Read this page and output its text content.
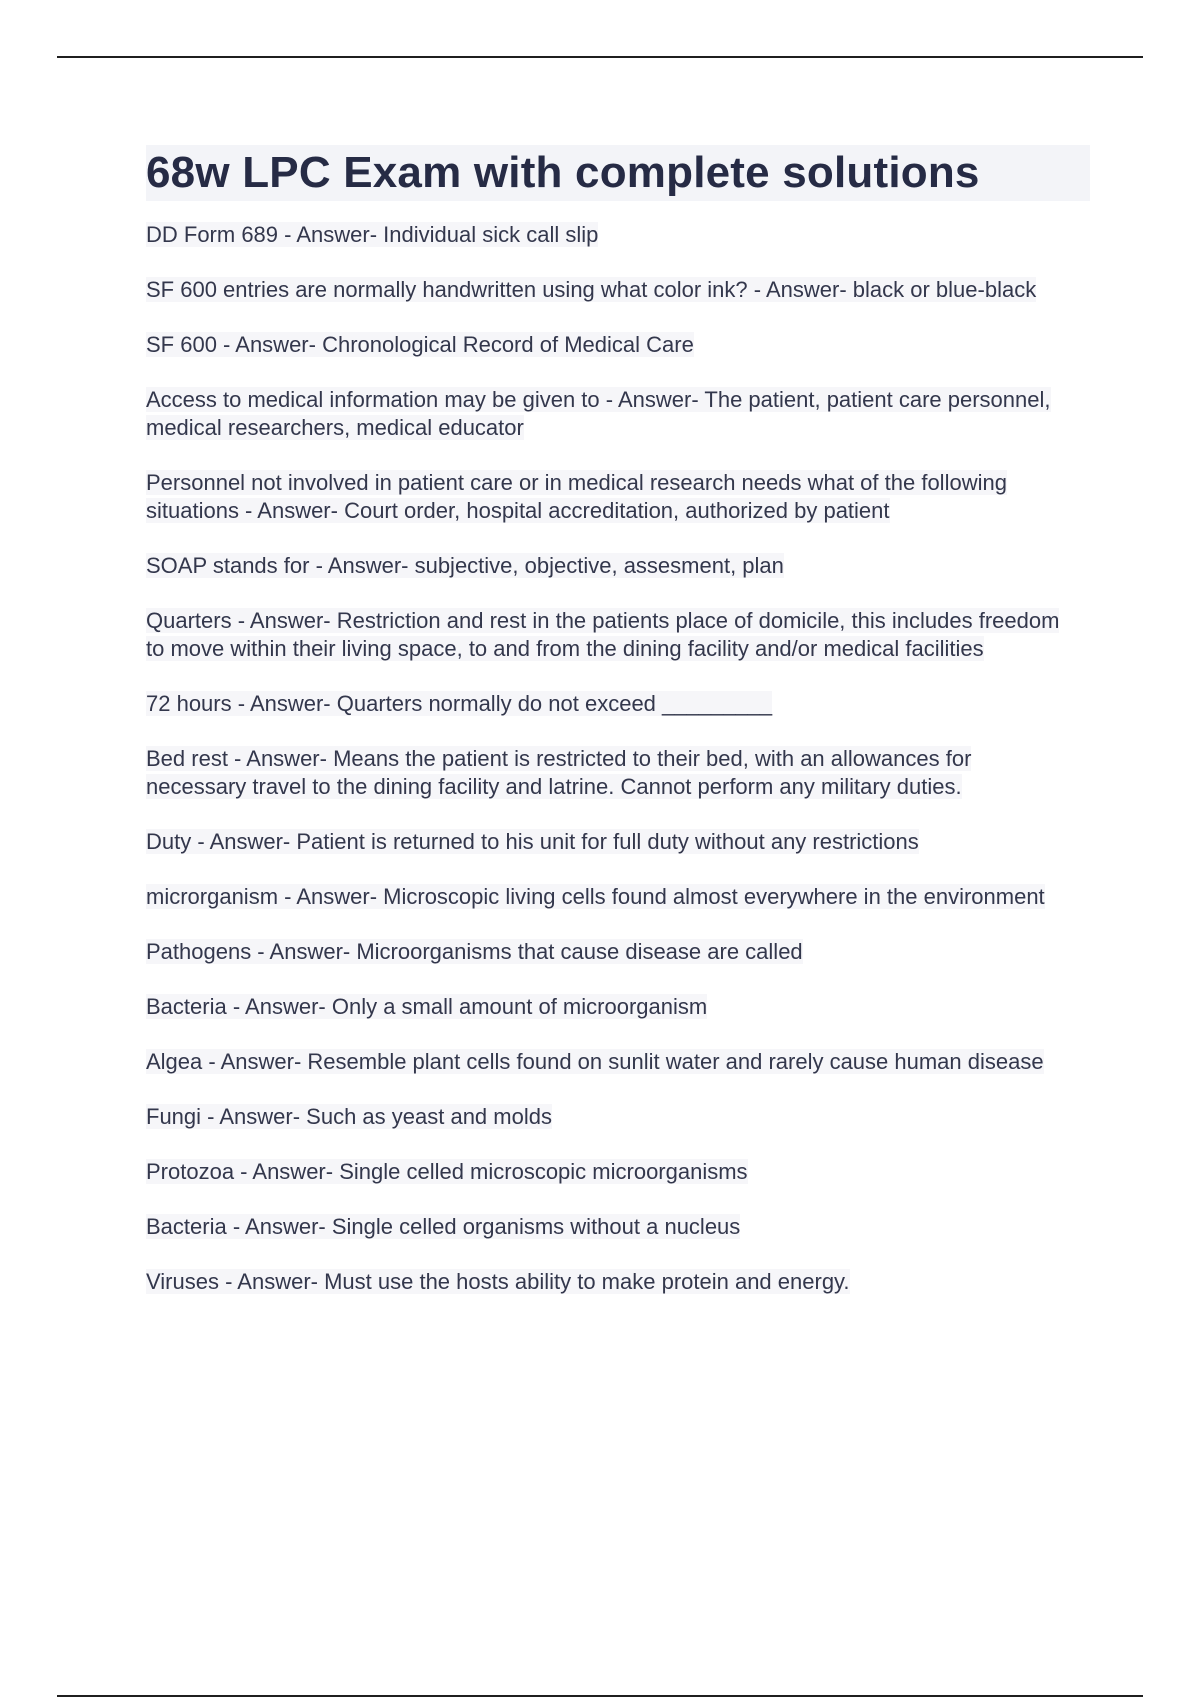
68w LPC Exam with complete solutions
DD Form 689 - Answer- Individual sick call slip
SF 600 entries are normally handwritten using what color ink? - Answer- black or blue-black
SF 600 - Answer- Chronological Record of Medical Care
Access to medical information may be given to - Answer- The patient, patient care personnel, medical researchers, medical educator
Personnel not involved in patient care or in medical research needs what of the following situations - Answer- Court order, hospital accreditation, authorized by patient
SOAP stands for - Answer- subjective, objective, assesment, plan
Quarters - Answer- Restriction and rest in the patients place of domicile, this includes freedom to move within their living space, to and from the dining facility and/or medical facilities
72 hours - Answer- Quarters normally do not exceed _________
Bed rest - Answer- Means the patient is restricted to their bed, with an allowances for necessary travel to the dining facility and latrine. Cannot perform any military duties.
Duty - Answer- Patient is returned to his unit for full duty without any restrictions
microrganism - Answer- Microscopic living cells found almost everywhere in the environment
Pathogens - Answer- Microorganisms that cause disease are called
Bacteria - Answer- Only a small amount of microorganism
Algea - Answer- Resemble plant cells found on sunlit water and rarely cause human disease
Fungi - Answer- Such as yeast and molds
Protozoa - Answer- Single celled microscopic microorganisms
Bacteria - Answer- Single celled organisms without a nucleus
Viruses - Answer- Must use the hosts ability to make protein and energy.
